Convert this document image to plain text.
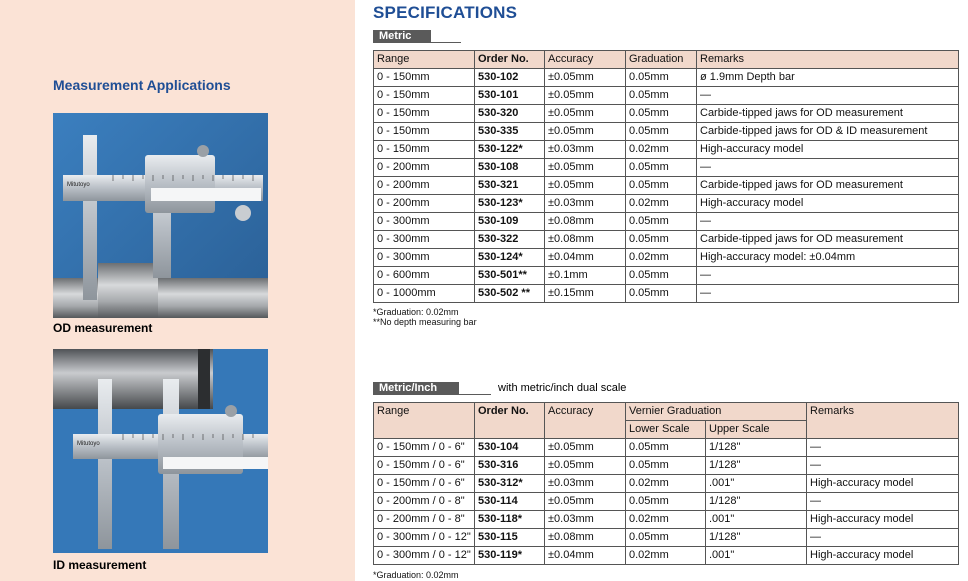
Measurement Applications
Mitutoyo
OD measurement
Mitutoyo
ID measurement
SPECIFICATIONS
Metric
Range	Order No.	Accuracy	Graduation	Remarks
0 - 150mm	530-102	±0.05mm	0.05mm	ø 1.9mm Depth bar
0 - 150mm	530-101	±0.05mm	0.05mm	—
0 - 150mm	530-320	±0.05mm	0.05mm	Carbide-tipped jaws for OD measurement
0 - 150mm	530-335	±0.05mm	0.05mm	Carbide-tipped jaws for OD & ID measurement
0 - 150mm	530-122*	±0.03mm	0.02mm	High-accuracy model
0 - 200mm	530-108	±0.05mm	0.05mm	—
0 - 200mm	530-321	±0.05mm	0.05mm	Carbide-tipped jaws for OD measurement
0 - 200mm	530-123*	±0.03mm	0.02mm	High-accuracy model
0 - 300mm	530-109	±0.08mm	0.05mm	—
0 - 300mm	530-322	±0.08mm	0.05mm	Carbide-tipped jaws for OD measurement
0 - 300mm	530-124*	±0.04mm	0.02mm	High-accuracy model: ±0.04mm
0 - 600mm	530-501**	±0.1mm	0.05mm	—
0 - 1000mm	530-502 **	±0.15mm	0.05mm	—
*Graduation: 0.02mm
**No depth measuring bar
Metric/Inch	with metric/inch dual scale
Range	Order No.	Accuracy	Vernier Graduation		Remarks
			Lower Scale	Upper Scale	
0 - 150mm / 0 - 6"	530-104	±0.05mm	0.05mm	1/128"	—
0 - 150mm / 0 - 6"	530-316	±0.05mm	0.05mm	1/128"	—
0 - 150mm / 0 - 6"	530-312*	±0.03mm	0.02mm	.001"	High-accuracy model
0 - 200mm / 0 - 8"	530-114	±0.05mm	0.05mm	1/128"	—
0 - 200mm / 0 - 8"	530-118*	±0.03mm	0.02mm	.001"	High-accuracy model
0 - 300mm / 0 - 12"	530-115	±0.08mm	0.05mm	1/128"	—
0 - 300mm / 0 - 12"	530-119*	±0.04mm	0.02mm	.001"	High-accuracy model
*Graduation: 0.02mm
